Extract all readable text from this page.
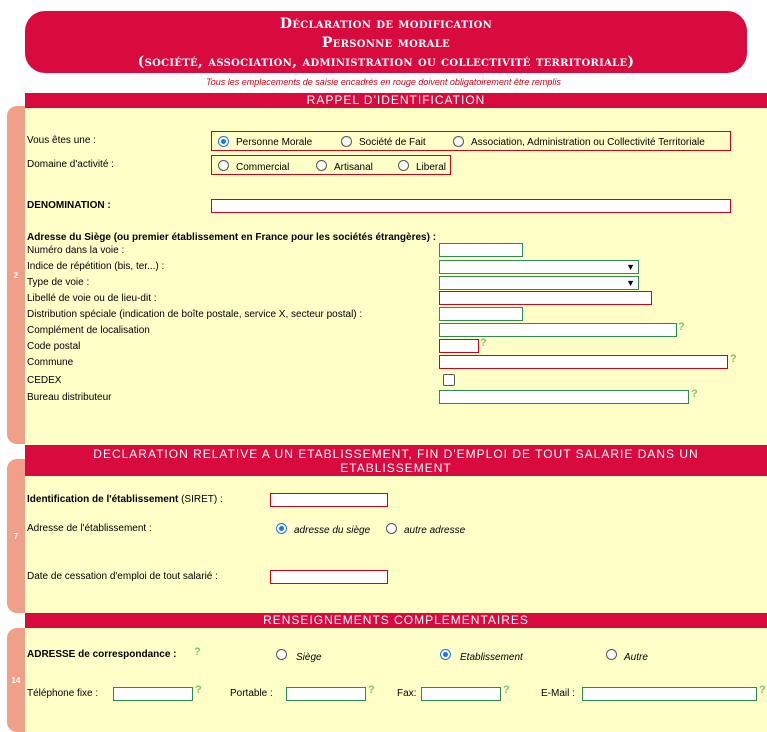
Déclaration de modification
Personne morale
(société, association, administration ou collectivité territoriale)
Tous les emplacements de saisie encadrés en rouge doivent obligatoirement être remplis
2
RAPPEL D'IDENTIFICATION
Vous êtes une :	Personne Morale	Société de Fait	Association, Administration ou Collectivité Territoriale
Domaine d'activité :	Commercial	Artisanal	Liberal
DENOMINATION :
Adresse du Siège (ou premier établissement en France pour les sociétés étrangères) :
Numéro dans la voie :
Indice de répétition (bis, ter...) :	▼
Type de voie :	▼
Libellé de voie ou de lieu-dit :
Distribution spéciale (indication de boîte postale, service X, secteur postal) :
Complément de localisation	?
Code postal	?
Commune	?
CEDEX
Bureau distributeur	?
7
DECLARATION RELATIVE A UN ETABLISSEMENT, FIN D'EMPLOI DE TOUT SALARIE DANS UN ETABLISSEMENT
Identification de l'établissement (SIRET) :
Adresse de l'établissement :	adresse du siège	autre adresse
Date de cessation d'emploi de tout salarié :
14
RENSEIGNEMENTS COMPLEMENTAIRES
ADRESSE de correspondance : ?	Siège	Etablissement	Autre
Téléphone fixe :	?	Portable :	? Fax:	?	E-Mail :	?
